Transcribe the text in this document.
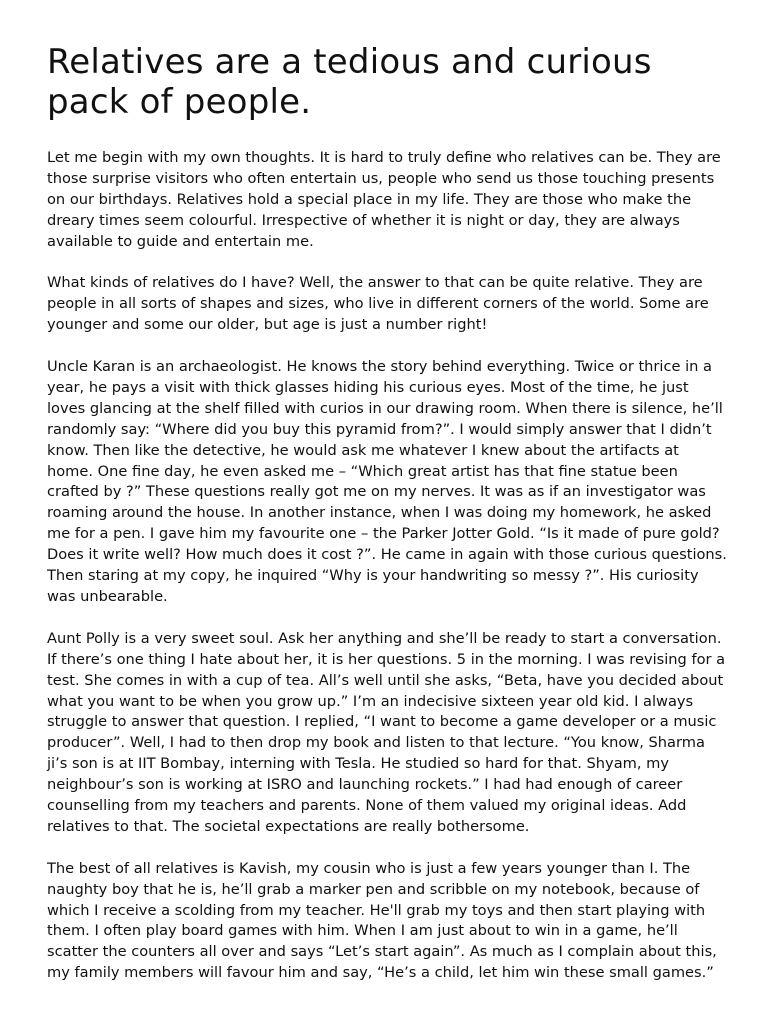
Relatives are a tedious and curious pack of people.

Let me begin with my own thoughts. It is hard to truly define who relatives can be. They are those surprise visitors who often entertain us, people who send us those touching presents on our birthdays. Relatives hold a special place in my life. They are those who make the dreary times seem colourful. Irrespective of whether it is night or day, they are always available to guide and entertain me.

What kinds of relatives do I have? Well, the answer to that can be quite relative. They are people in all sorts of shapes and sizes, who live in different corners of the world. Some are younger and some our older, but age is just a number right!

Uncle Karan is an archaeologist. He knows the story behind everything. Twice or thrice in a year, he pays a visit with thick glasses hiding his curious eyes. Most of the time, he just loves glancing at the shelf filled with curios in our drawing room. When there is silence, he’ll randomly say: “Where did you buy this pyramid from?”. I would simply answer that I didn’t know. Then like the detective, he would ask me whatever I knew about the artifacts at home. One fine day, he even asked me – “Which great artist has that fine statue been crafted by ?” These questions really got me on my nerves. It was as if an investigator was roaming around the house. In another instance, when I was doing my homework, he asked me for a pen. I gave him my favourite one – the Parker Jotter Gold. “Is it made of pure gold? Does it write well? How much does it cost ?”. He came in again with those curious questions. Then staring at my copy, he inquired “Why is your handwriting so messy ?”. His curiosity was unbearable.

Aunt Polly is a very sweet soul. Ask her anything and she’ll be ready to start a conversation. If there’s one thing I hate about her, it is her questions. 5 in the morning. I was revising for a test. She comes in with a cup of tea. All’s well until she asks, “Beta, have you decided about what you want to be when you grow up.” I’m an indecisive sixteen year old kid. I always struggle to answer that question. I replied, “I want to become a game developer or a music producer”. Well, I had to then drop my book and listen to that lecture. “You know, Sharma ji’s son is at IIT Bombay, interning with Tesla. He studied so hard for that. Shyam, my neighbour’s son is working at ISRO and launching rockets.” I had had enough of career counselling from my teachers and parents. None of them valued my original ideas. Add relatives to that. The societal expectations are really bothersome.

The best of all relatives is Kavish, my cousin who is just a few years younger than I. The naughty boy that he is, he’ll grab a marker pen and scribble on my notebook, because of which I receive a scolding from my teacher. He'll grab my toys and then start playing with them. I often play board games with him. When I am just about to win in a game, he’ll scatter the counters all over and says “Let’s start again”. As much as I complain about this, my family members will favour him and say, “He’s a child, let him win these small games.”
